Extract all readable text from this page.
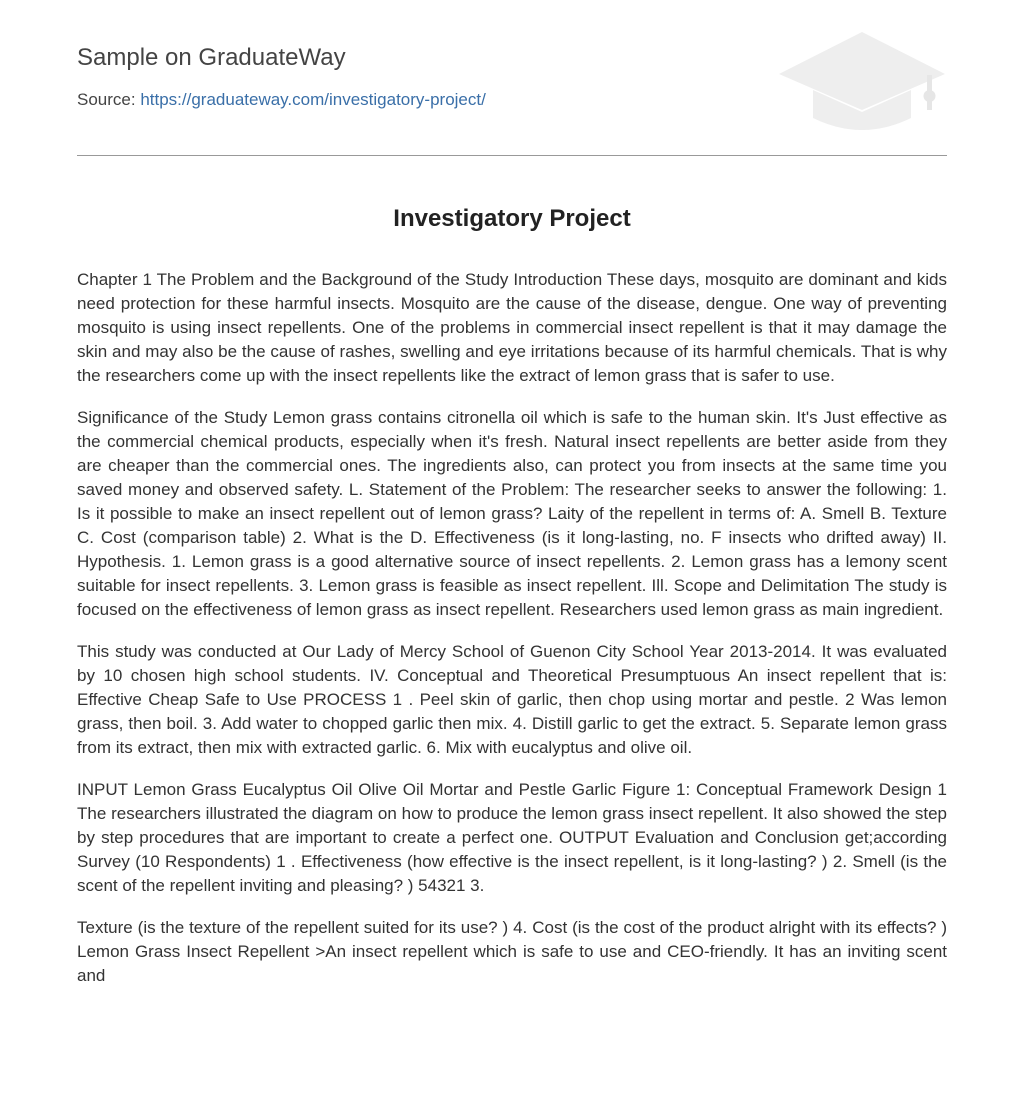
Sample on GraduateWay
Source: https://graduateway.com/investigatory-project/
Investigatory Project

Chapter 1 The Problem and the Background of the Study Introduction These days, mosquito are dominant and kids need protection for these harmful insects. Mosquito are the cause of the disease, dengue. One way of preventing mosquito is using insect repellents. One of the problems in commercial insect repellent is that it may damage the skin and may also be the cause of rashes, swelling and eye irritations because of its harmful chemicals. That is why the researchers come up with the insect repellents like the extract of lemon grass that is safer to use.

Significance of the Study Lemon grass contains citronella oil which is safe to the human skin. It's Just effective as the commercial chemical products, especially when it's fresh. Natural insect repellents are better aside from they are cheaper than the commercial ones. The ingredients also, can protect you from insects at the same time you saved money and observed safety. L. Statement of the Problem: The researcher seeks to answer the following: 1. Is it possible to make an insect repellent out of lemon grass? Laity of the repellent in terms of: A. Smell B. Texture C. Cost (comparison table) 2. What is the D. Effectiveness (is it long-lasting, no. F insects who drifted away) II. Hypothesis. 1. Lemon grass is a good alternative source of insect repellents. 2. Lemon grass has a lemony scent suitable for insect repellents. 3. Lemon grass is feasible as insect repellent. Ill. Scope and Delimitation The study is focused on the effectiveness of lemon grass as insect repellent. Researchers used lemon grass as main ingredient.

This study was conducted at Our Lady of Mercy School of Guenon City School Year 2013-2014. It was evaluated by 10 chosen high school students. IV. Conceptual and Theoretical Presumptuous An insect repellent that is: Effective Cheap Safe to Use PROCESS 1 . Peel skin of garlic, then chop using mortar and pestle. 2 Was lemon grass, then boil. 3. Add water to chopped garlic then mix. 4. Distill garlic to get the extract. 5. Separate lemon grass from its extract, then mix with extracted garlic. 6. Mix with eucalyptus and olive oil.

INPUT Lemon Grass Eucalyptus Oil Olive Oil Mortar and Pestle Garlic Figure 1: Conceptual Framework Design 1 The researchers illustrated the diagram on how to produce the lemon grass insect repellent. It also showed the step by step procedures that are important to create a perfect one. OUTPUT Evaluation and Conclusion get;according Survey (10 Respondents) 1 . Effectiveness (how effective is the insect repellent, is it long-lasting? ) 2. Smell (is the scent of the repellent inviting and pleasing? ) 54321 3.

Texture (is the texture of the repellent suited for its use? ) 4. Cost (is the cost of the product alright with its effects? ) Lemon Grass Insect Repellent >An insect repellent which is safe to use and CEO-friendly. It has an inviting scent and
